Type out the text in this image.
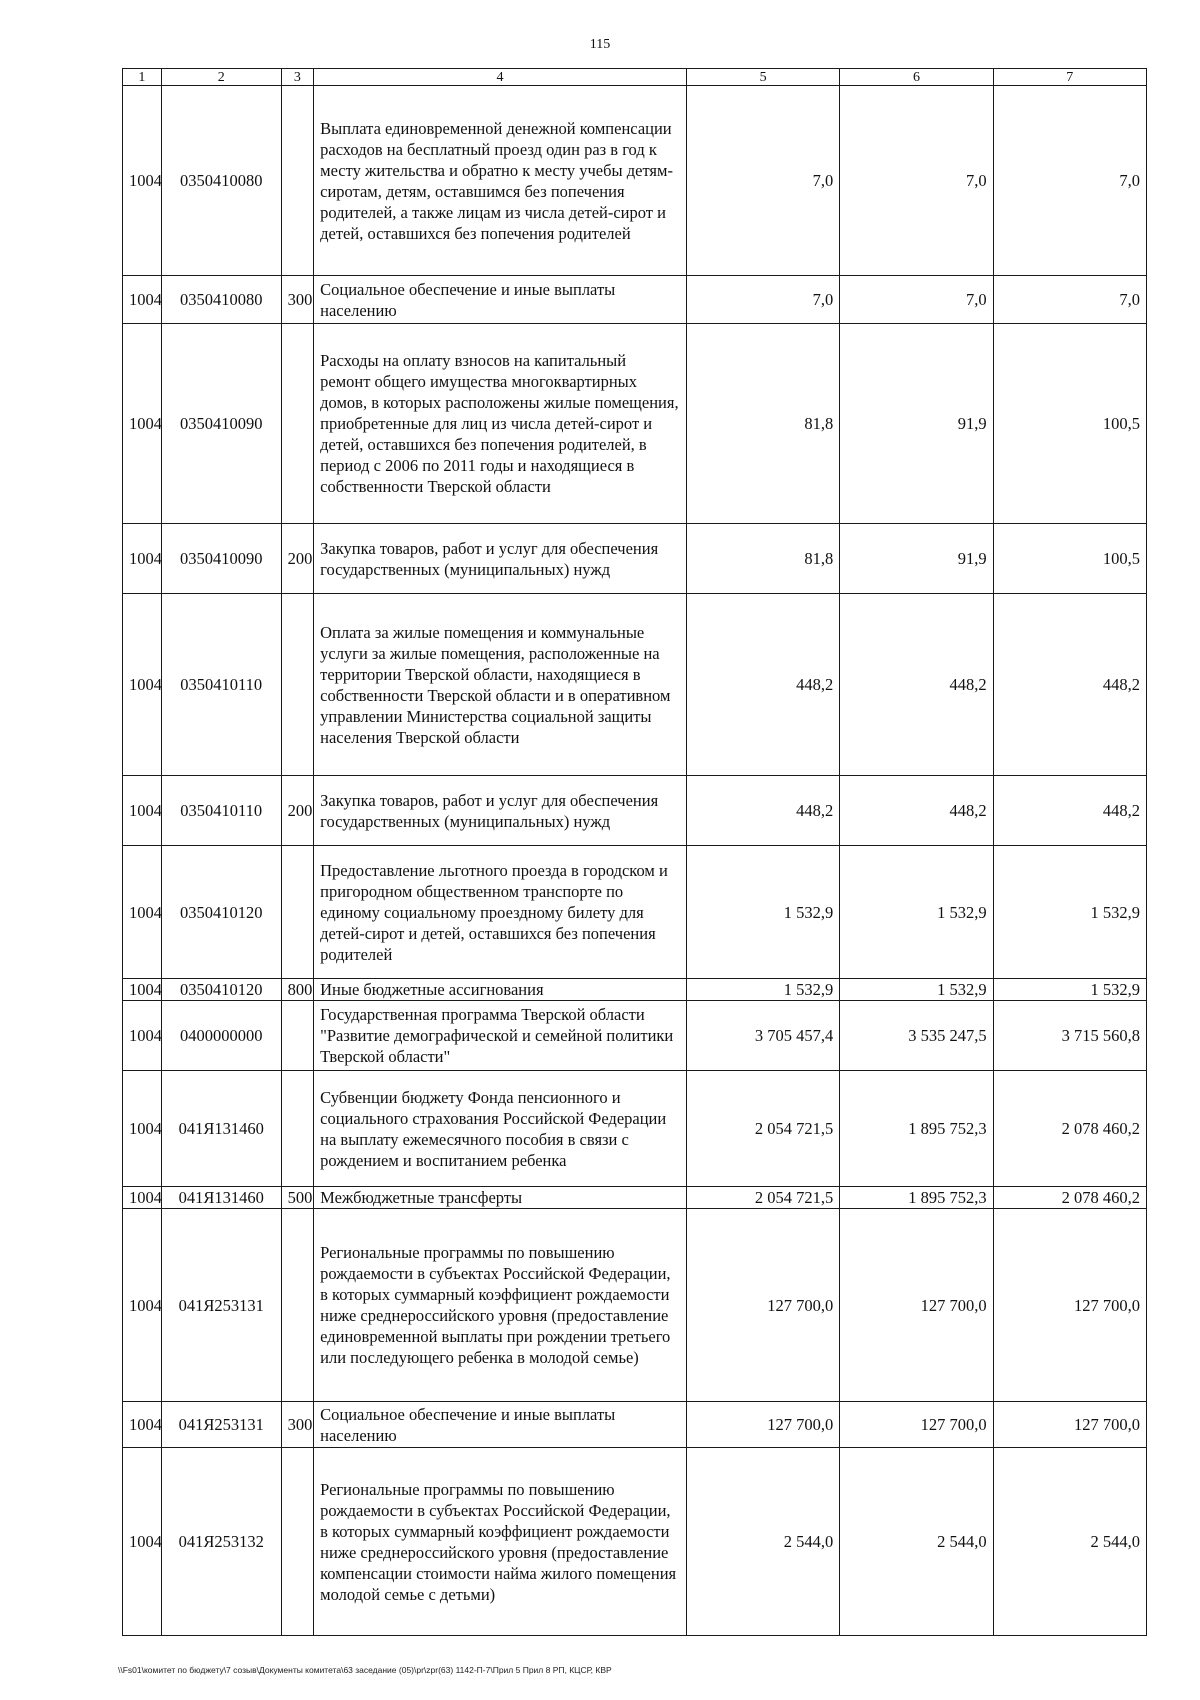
115
1	2	3	4	5	6	7
1004	0350410080		Выплата единовременной денежной компенсации расходов на бесплатный проезд один раз в год к месту жительства и обратно к месту учебы детям-сиротам, детям, оставшимся без попечения родителей, а также лицам из числа детей-сирот и детей, оставшихся без попечения родителей	7,0	7,0	7,0
1004	0350410080	300	Социальное обеспечение и иные выплаты населению	7,0	7,0	7,0
1004	0350410090		Расходы на оплату взносов на капитальный ремонт общего имущества многоквартирных домов, в которых расположены жилые помещения, приобретенные для лиц из числа детей-сирот и детей, оставшихся без попечения родителей, в период с 2006 по 2011 годы и находящиеся в собственности Тверской области	81,8	91,9	100,5
1004	0350410090	200	Закупка товаров, работ и услуг для обеспечения государственных (муниципальных) нужд	81,8	91,9	100,5
1004	0350410110		Оплата за жилые помещения и коммунальные услуги за жилые помещения, расположенные на территории Тверской области, находящиеся в собственности Тверской области и в оперативном управлении Министерства социальной защиты населения Тверской области	448,2	448,2	448,2
1004	0350410110	200	Закупка товаров, работ и услуг для обеспечения государственных (муниципальных) нужд	448,2	448,2	448,2
1004	0350410120		Предоставление льготного проезда в городском и пригородном общественном транспорте по единому социальному проездному билету для детей-сирот и детей, оставшихся без попечения родителей	1 532,9	1 532,9	1 532,9
1004	0350410120	800	Иные бюджетные ассигнования	1 532,9	1 532,9	1 532,9
1004	0400000000		Государственная программа Тверской области "Развитие демографической и семейной политики Тверской области"	3 705 457,4	3 535 247,5	3 715 560,8
1004	041Я131460		Субвенции бюджету Фонда пенсионного и социального страхования Российской Федерации на выплату ежемесячного пособия в связи с рождением и воспитанием ребенка	2 054 721,5	1 895 752,3	2 078 460,2
1004	041Я131460	500	Межбюджетные трансферты	2 054 721,5	1 895 752,3	2 078 460,2
1004	041Я253131		Региональные программы по повышению рождаемости в субъектах Российской Федерации, в которых суммарный коэффициент рождаемости ниже среднероссийского уровня (предоставление единовременной выплаты при рождении третьего или последующего ребенка в молодой семье)	127 700,0	127 700,0	127 700,0
1004	041Я253131	300	Социальное обеспечение и иные выплаты населению	127 700,0	127 700,0	127 700,0
1004	041Я253132		Региональные программы по повышению рождаемости в субъектах Российской Федерации, в которых суммарный коэффициент рождаемости ниже среднероссийского уровня (предоставление компенсации стоимости найма жилого помещения молодой семье с детьми)	2 544,0	2 544,0	2 544,0
\\Fs01\комитет по бюджету\7 созыв\Документы комитета\63 заседание (05)\pr\zpr(63) 1142-П-7\Прил 5 Прил 8 РП, КЦСР, КВР
